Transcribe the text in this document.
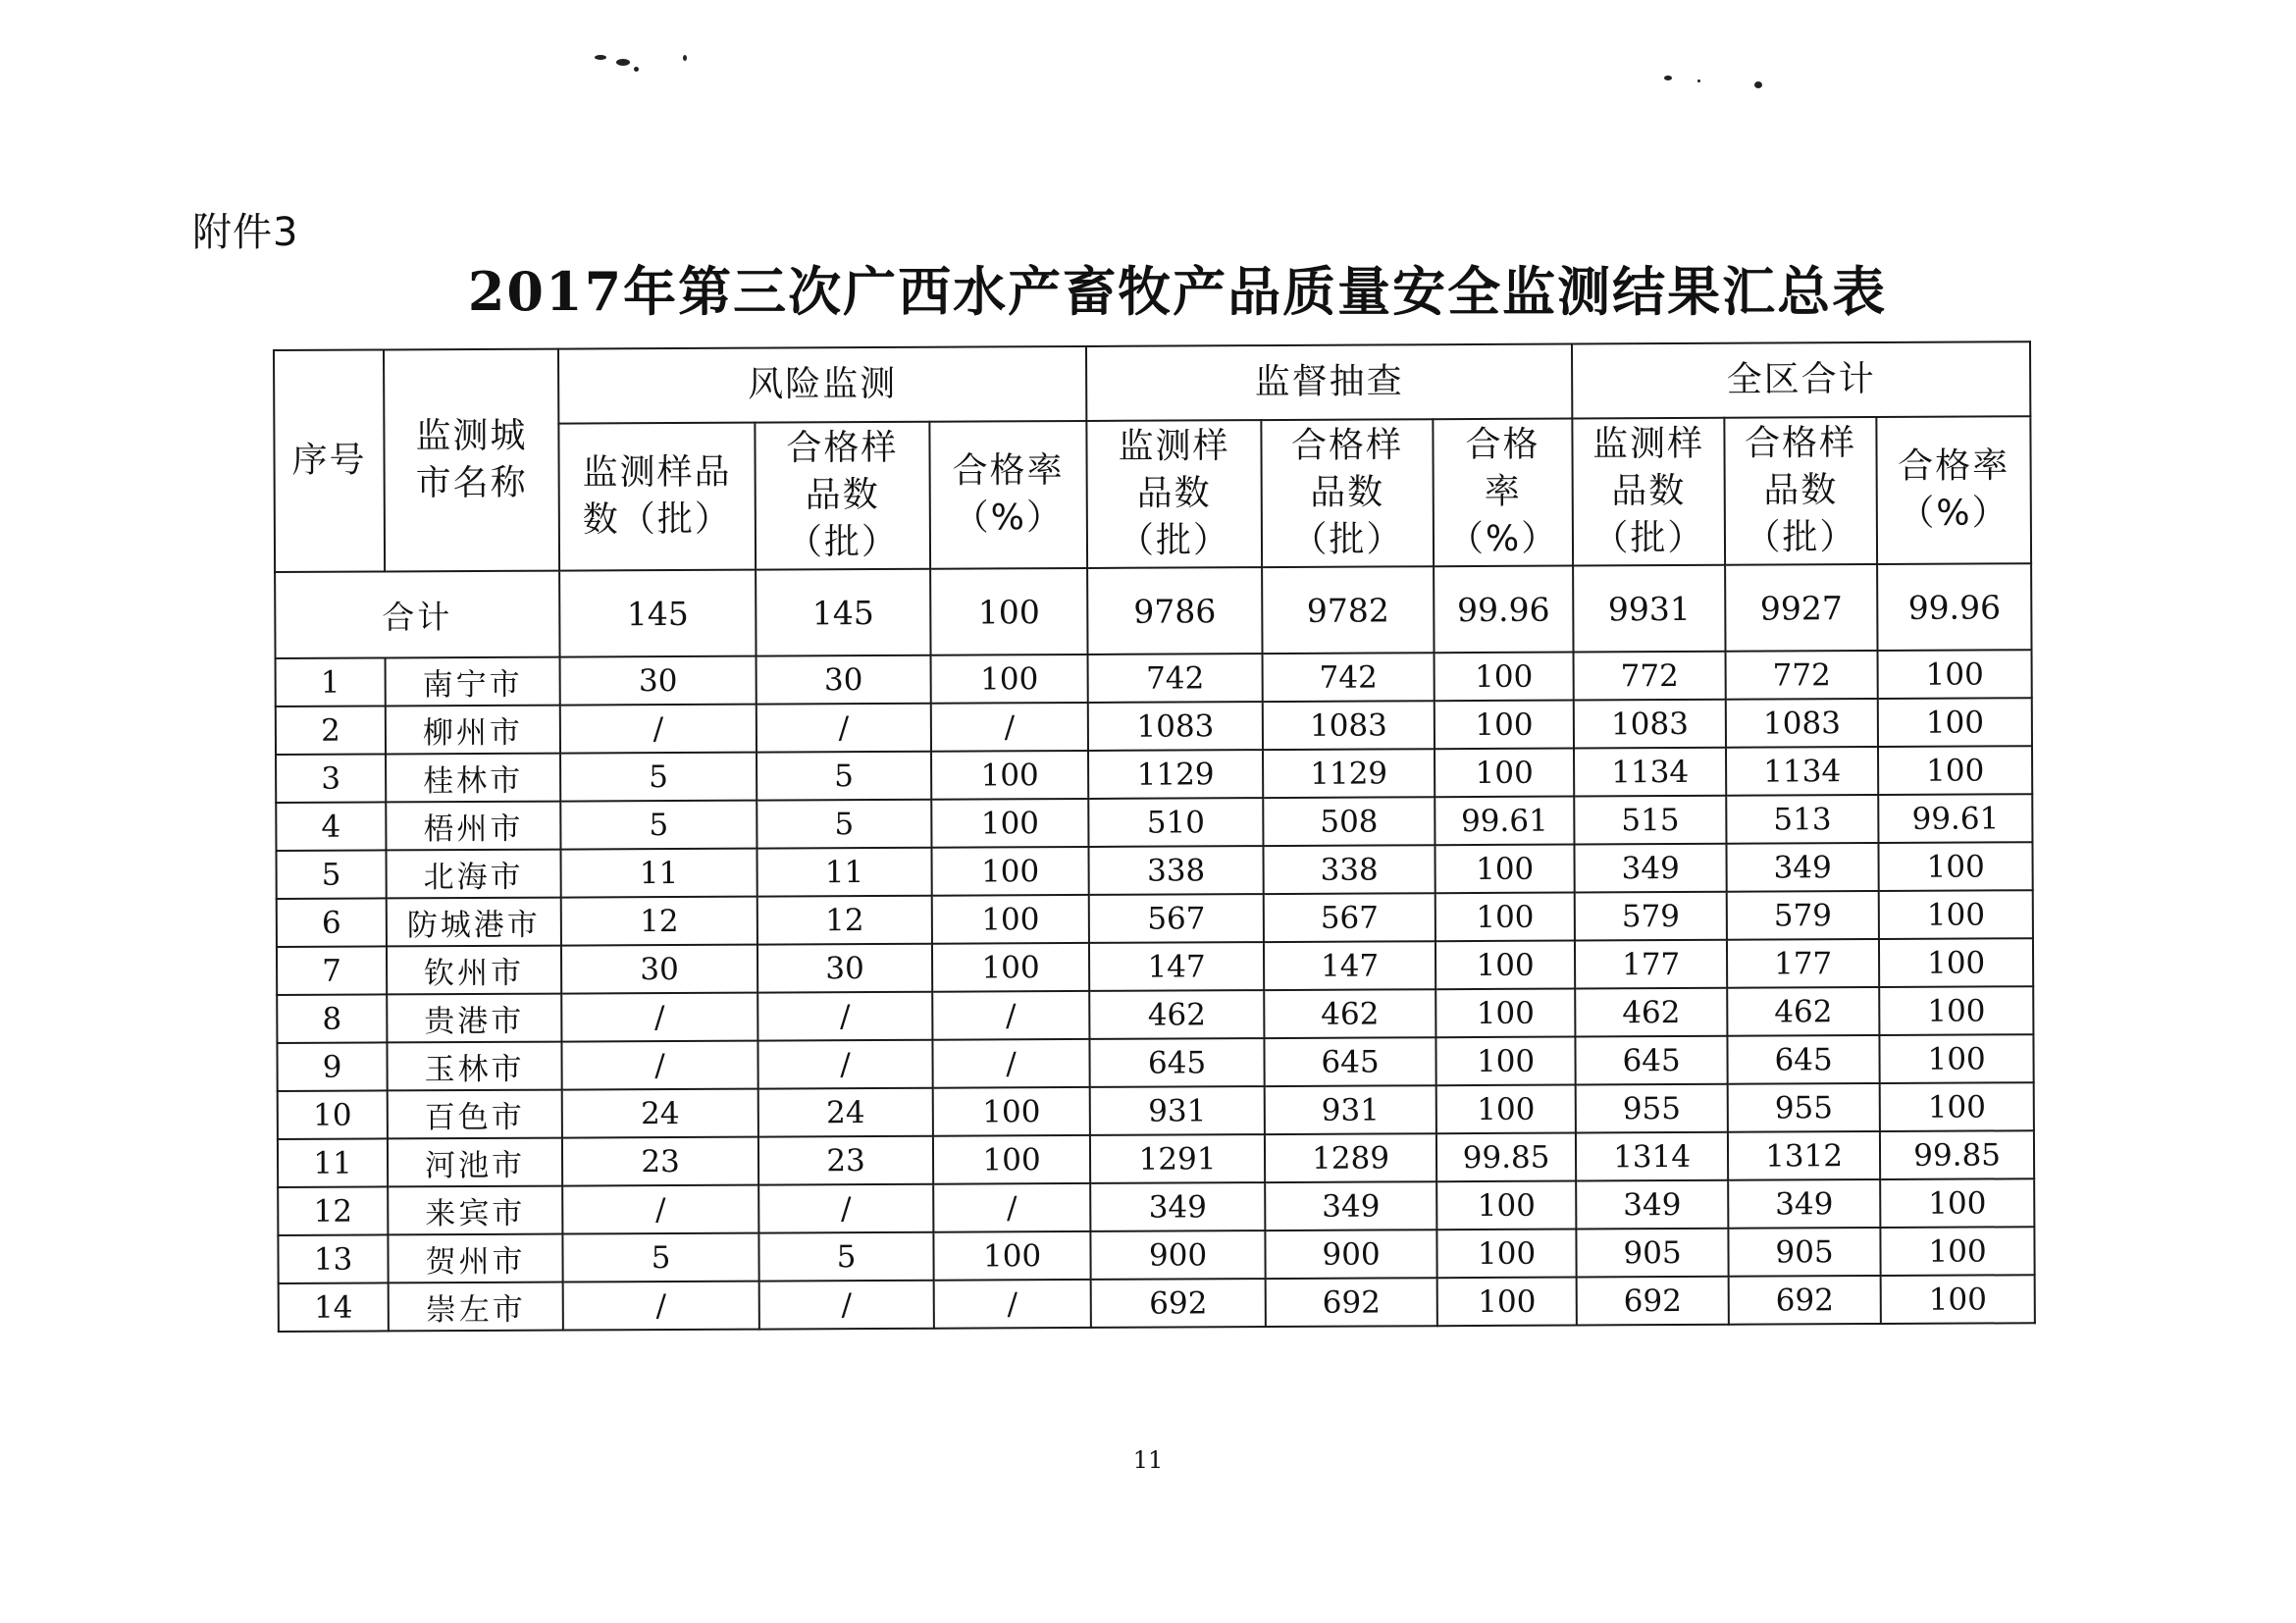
附件3
2017年第三次广西水产畜牧产品质量安全监测结果汇总表
序号	监测城市名称	风险监测			监督抽查			全区合计		
		监测样品数（批）	合格样品数（批）	合格率（%）	监测样品数（批）	合格样品数（批）	合格率（%）	监测样品数（批）	合格样品数（批）	合格率（%）
合计		145	145	100	9786	9782	99.96	9931	9927	99.96
1	南宁市	30	30	100	742	742	100	772	772	100
2	柳州市	/	/	/	1083	1083	100	1083	1083	100
3	桂林市	5	5	100	1129	1129	100	1134	1134	100
4	梧州市	5	5	100	510	508	99.61	515	513	99.61
5	北海市	11	11	100	338	338	100	349	349	100
6	防城港市	12	12	100	567	567	100	579	579	100
7	钦州市	30	30	100	147	147	100	177	177	100
8	贵港市	/	/	/	462	462	100	462	462	100
9	玉林市	/	/	/	645	645	100	645	645	100
10	百色市	24	24	100	931	931	100	955	955	100
11	河池市	23	23	100	1291	1289	99.85	1314	1312	99.85
12	来宾市	/	/	/	349	349	100	349	349	100
13	贺州市	5	5	100	900	900	100	905	905	100
14	崇左市	/	/	/	692	692	100	692	692	100
11
